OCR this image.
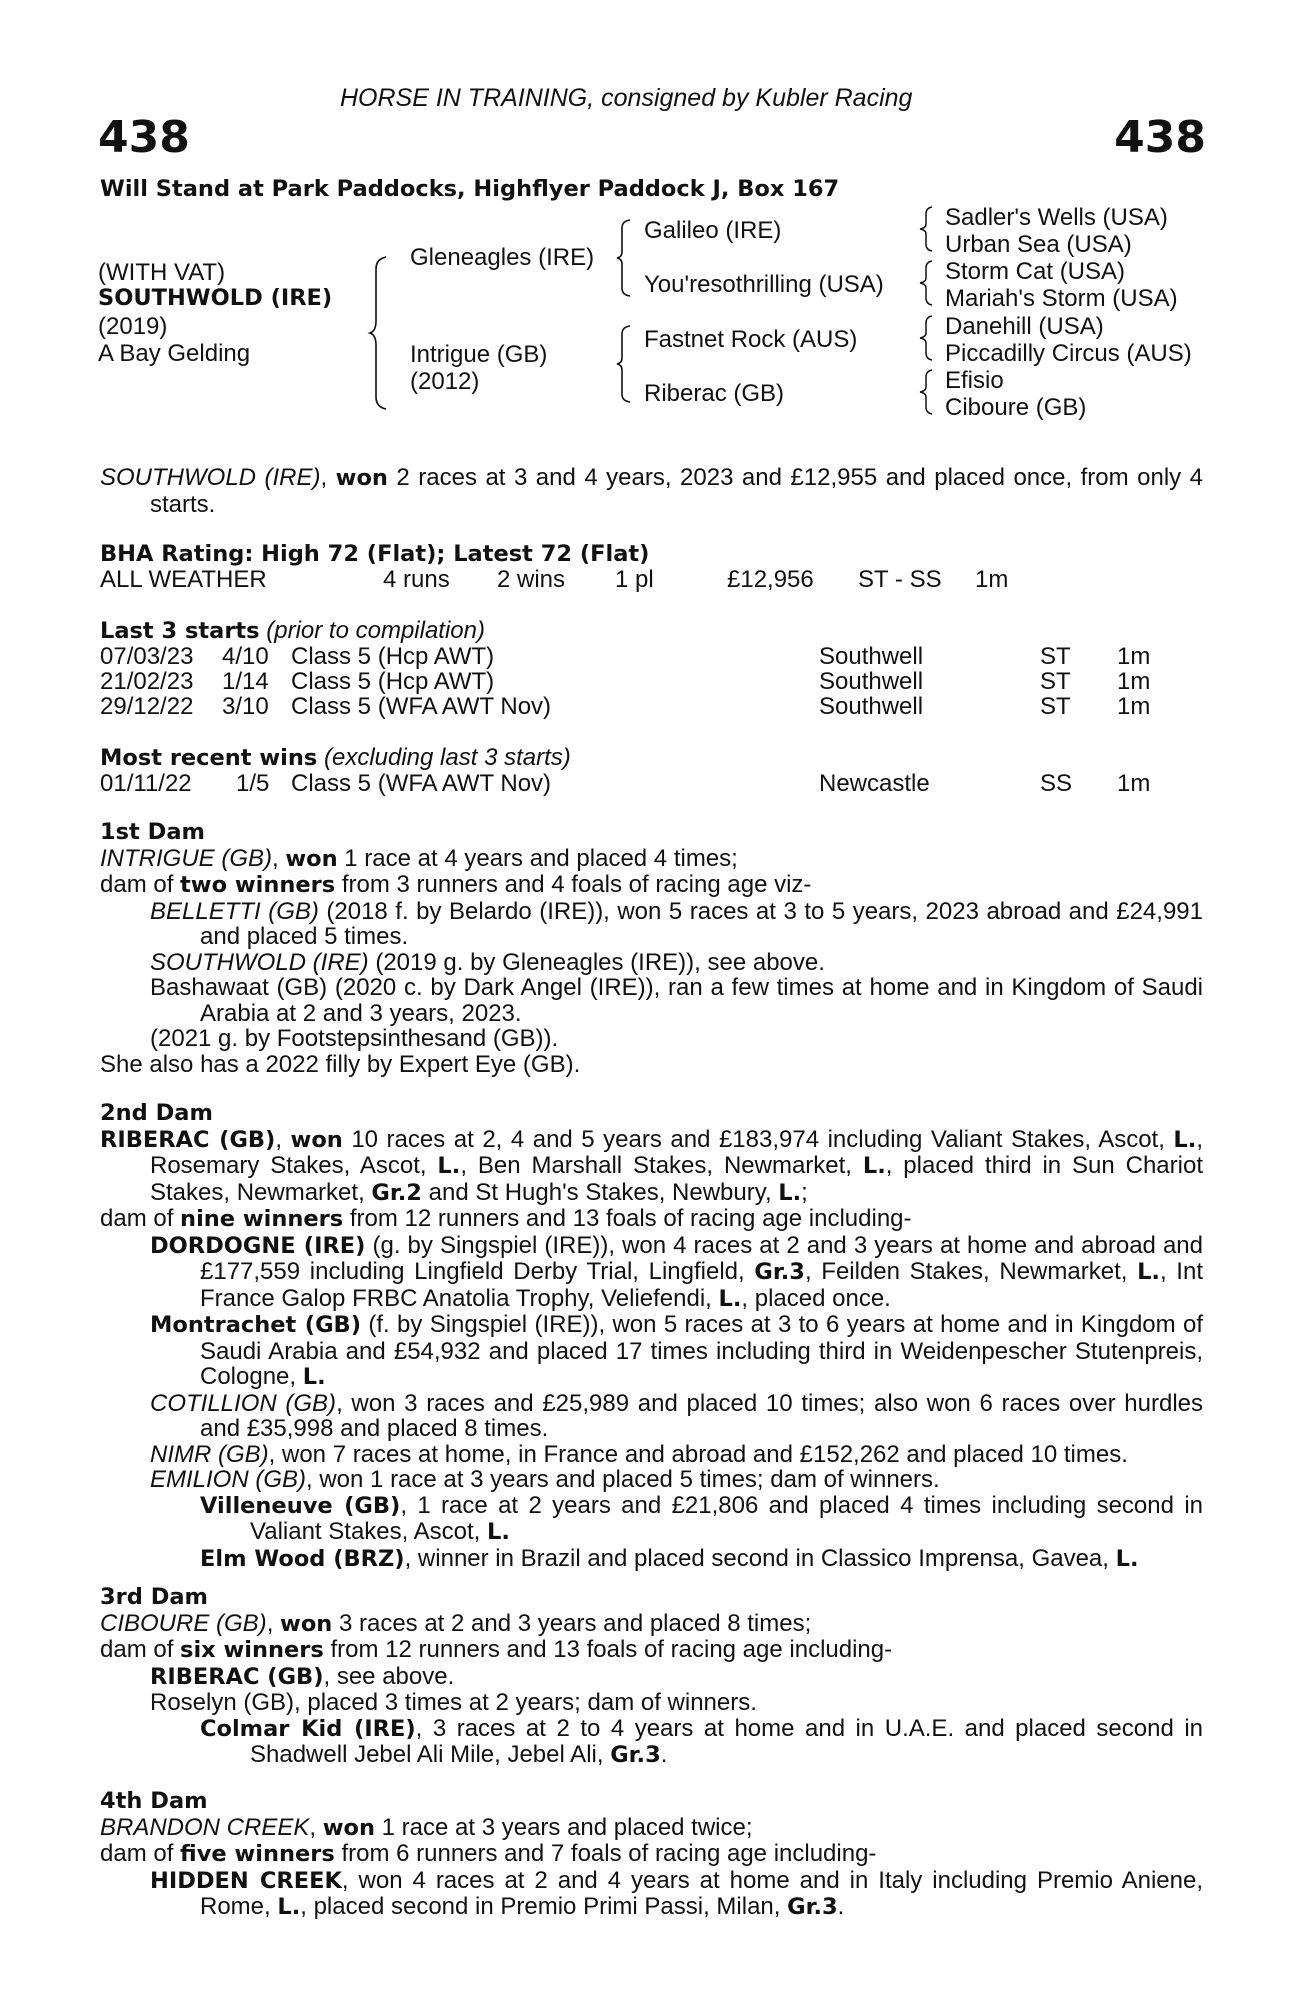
HORSE IN TRAINING, consigned by Kubler Racing
438	438
Will Stand at Park Paddocks, Highflyer Paddock J, Box 167
(WITH VAT)
SOUTHWOLD (IRE)
(2019)
A Bay Gelding
Gleneagles (IRE)
Intrigue (GB)
(2012)
Galileo (IRE)
You'resothrilling (USA)
Fastnet Rock (AUS)
Riberac (GB)
Sadler's Wells (USA)
Urban Sea (USA)
Storm Cat (USA)
Mariah's Storm (USA)
Danehill (USA)
Piccadilly Circus (AUS)
Efisio
Ciboure (GB)

SOUTHWOLD (IRE), won 2 races at 3 and 4 years, 2023 and £12,955 and placed once, from only 4 starts.

BHA Rating: High 72 (Flat); Latest 72 (Flat)
ALL WEATHER	4 runs 2 wins 1 pl	£12,956 ST - SS 1m
Last 3 starts (prior to compilation)
07/03/23 4/10 Class 5 (Hcp AWT)	Southwell	ST 1m
21/02/23 1/14 Class 5 (Hcp AWT)	Southwell	ST 1m
29/12/22 3/10 Class 5 (WFA AWT Nov)	Southwell	ST 1m
Most recent wins (excluding last 3 starts)
01/11/22 1/5 Class 5 (WFA AWT Nov)	Newcastle	SS 1m

1st Dam

INTRIGUE (GB), won 1 race at 4 years and placed 4 times;

dam of two winners from 3 runners and 4 foals of racing age viz-

BELLETTI (GB) (2018 f. by Belardo (IRE)), won 5 races at 3 to 5 years, 2023 abroad and £24,991 and placed 5 times.

SOUTHWOLD (IRE) (2019 g. by Gleneagles (IRE)), see above.

Bashawaat (GB) (2020 c. by Dark Angel (IRE)), ran a few times at home and in Kingdom of Saudi Arabia at 2 and 3 years, 2023.

(2021 g. by Footstepsinthesand (GB)).

She also has a 2022 filly by Expert Eye (GB).

2nd Dam

RIBERAC (GB), won 10 races at 2, 4 and 5 years and £183,974 including Valiant Stakes, Ascot, L., Rosemary Stakes, Ascot, L., Ben Marshall Stakes, Newmarket, L., placed third in Sun Chariot Stakes, Newmarket, Gr.2 and St Hugh's Stakes, Newbury, L.;

dam of nine winners from 12 runners and 13 foals of racing age including-

DORDOGNE (IRE) (g. by Singspiel (IRE)), won 4 races at 2 and 3 years at home and abroad and £177,559 including Lingfield Derby Trial, Lingfield, Gr.3, Feilden Stakes, Newmarket, L., Int France Galop FRBC Anatolia Trophy, Veliefendi, L., placed once.

Montrachet (GB) (f. by Singspiel (IRE)), won 5 races at 3 to 6 years at home and in Kingdom of Saudi Arabia and £54,932 and placed 17 times including third in Weidenpescher Stutenpreis, Cologne, L.

COTILLION (GB), won 3 races and £25,989 and placed 10 times; also won 6 races over hurdles and £35,998 and placed 8 times.

NIMR (GB), won 7 races at home, in France and abroad and £152,262 and placed 10 times.

EMILION (GB), won 1 race at 3 years and placed 5 times; dam of winners.

Villeneuve (GB), 1 race at 2 years and £21,806 and placed 4 times including second in Valiant Stakes, Ascot, L.

Elm Wood (BRZ), winner in Brazil and placed second in Classico Imprensa, Gavea, L.

3rd Dam

CIBOURE (GB), won 3 races at 2 and 3 years and placed 8 times;

dam of six winners from 12 runners and 13 foals of racing age including-

RIBERAC (GB), see above.

Roselyn (GB), placed 3 times at 2 years; dam of winners.

Colmar Kid (IRE), 3 races at 2 to 4 years at home and in U.A.E. and placed second in Shadwell Jebel Ali Mile, Jebel Ali, Gr.3.

4th Dam

BRANDON CREEK, won 1 race at 3 years and placed twice;

dam of five winners from 6 runners and 7 foals of racing age including-

HIDDEN CREEK, won 4 races at 2 and 4 years at home and in Italy including Premio Aniene, Rome, L., placed second in Premio Primi Passi, Milan, Gr.3.
